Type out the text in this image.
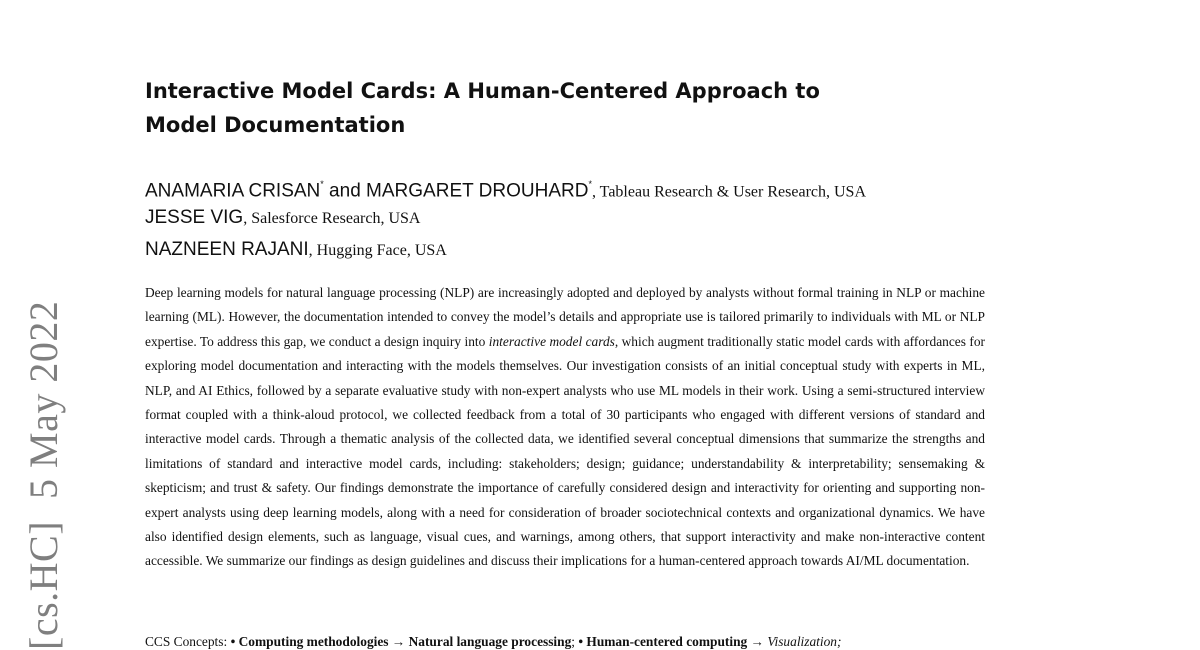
[cs.HC]5 May 2022
Interactive Model Cards: A Human-Centered Approach to Model Documentation
ANAMARIA CRISAN* and MARGARET DROUHARD*, Tableau Research & User Research, USA
JESSE VIG, Salesforce Research, USA
NAZNEEN RAJANI, Hugging Face, USA
Deep learning models for natural language processing (NLP) are increasingly adopted and deployed by analysts without formal training in NLP or machine learning (ML). However, the documentation intended to convey the model’s details and appropriate use is tailored primarily to individuals with ML or NLP expertise. To address this gap, we conduct a design inquiry into interactive model cards, which augment traditionally static model cards with affordances for exploring model documentation and interacting with the models themselves. Our investigation consists of an initial conceptual study with experts in ML, NLP, and AI Ethics, followed by a separate evaluative study with non-expert analysts who use ML models in their work. Using a semi-structured interview format coupled with a think-aloud protocol, we collected feedback from a total of 30 participants who engaged with different versions of standard and interactive model cards. Through a thematic analysis of the collected data, we identified several conceptual dimensions that summarize the strengths and limitations of standard and interactive model cards, including: stakeholders; design; guidance; understandability & interpretability; sensemaking & skepticism; and trust & safety. Our findings demonstrate the importance of carefully considered design and interactivity for orienting and supporting non-expert analysts using deep learning models, along with a need for consideration of broader sociotechnical contexts and organizational dynamics. We have also identified design elements, such as language, visual cues, and warnings, among others, that support interactivity and make non-interactive content accessible. We summarize our findings as design guidelines and discuss their implications for a human-centered approach towards AI/ML documentation.
CCS Concepts: • Computing methodologies → Natural language processing; • Human-centered computing → Visualization;
